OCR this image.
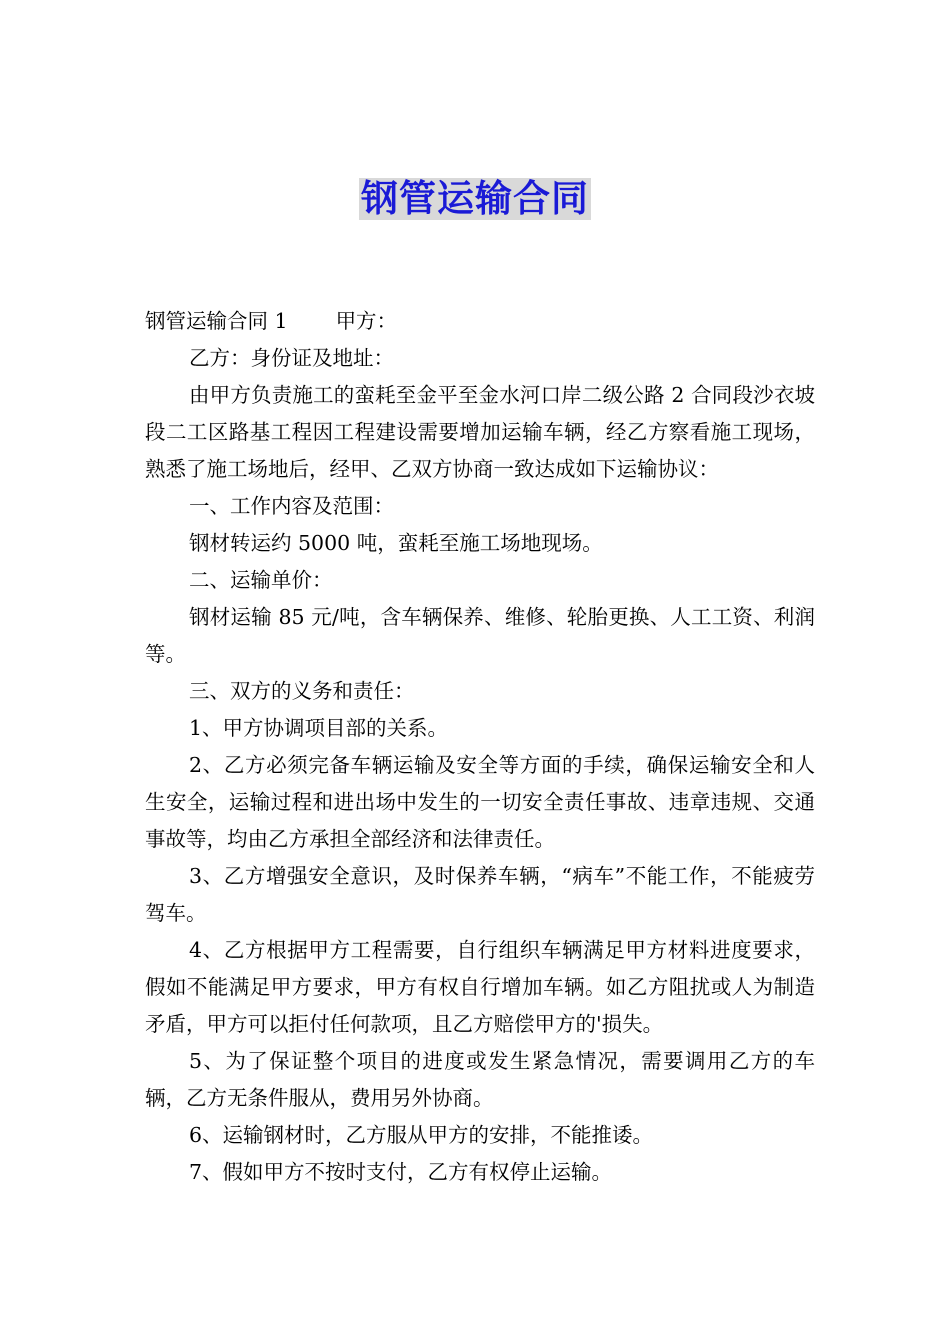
钢管运输合同

钢管运输合同 1 甲方：

乙方：身份证及地址：

由甲方负责施工的蛮耗至金平至金水河口岸二级公路 2 合同段沙衣坡段二工区路基工程因工程建设需要增加运输车辆，经乙方察看施工现场，熟悉了施工场地后，经甲、乙双方协商一致达成如下运输协议：

一、工作内容及范围：

钢材转运约 5000 吨，蛮耗至施工场地现场。

二、运输单价：

钢材运输 85 元/吨，含车辆保养、维修、轮胎更换、人工工资、利润等。

三、双方的义务和责任：

1、甲方协调项目部的关系。

2、乙方必须完备车辆运输及安全等方面的手续，确保运输安全和人生安全，运输过程和进出场中发生的一切安全责任事故、违章违规、交通事故等，均由乙方承担全部经济和法律责任。

3、乙方增强安全意识，及时保养车辆，“病车”不能工作，不能疲劳驾车。

4、乙方根据甲方工程需要，自行组织车辆满足甲方材料进度要求，假如不能满足甲方要求，甲方有权自行增加车辆。如乙方阻扰或人为制造矛盾，甲方可以拒付任何款项，且乙方赔偿甲方的'损失。

5、为了保证整个项目的进度或发生紧急情况，需要调用乙方的车辆，乙方无条件服从，费用另外协商。

6、运输钢材时，乙方服从甲方的安排，不能推诿。

7、假如甲方不按时支付，乙方有权停止运输。
